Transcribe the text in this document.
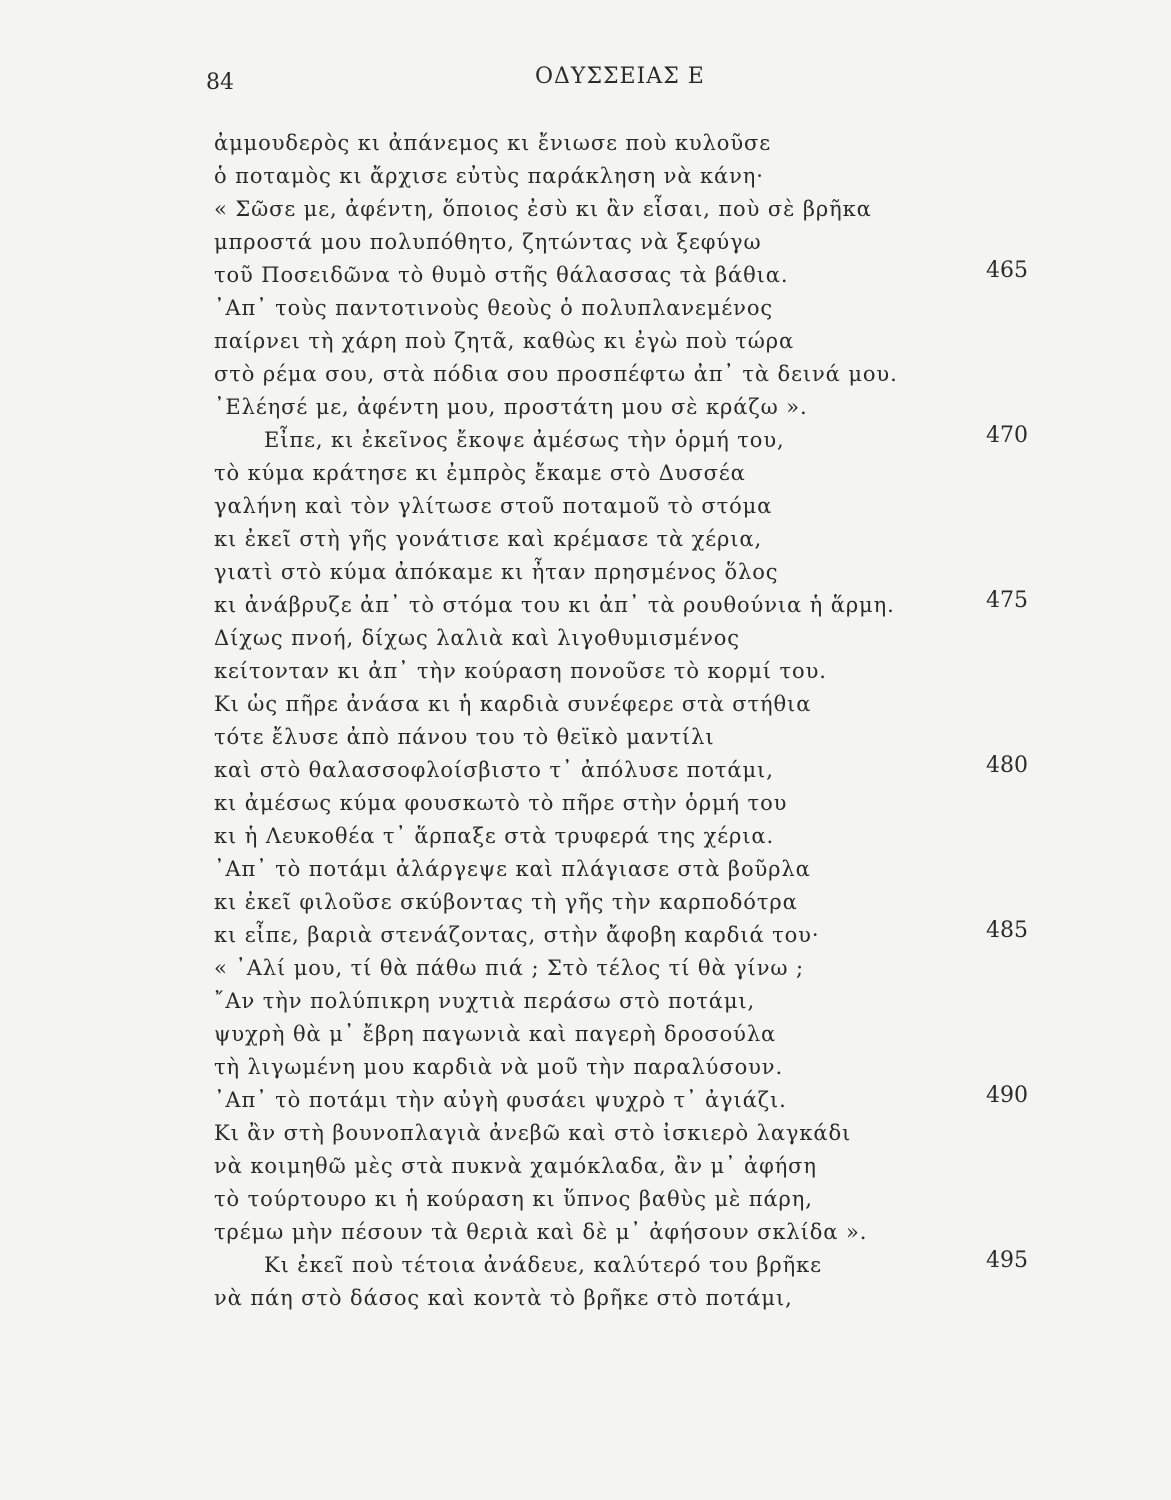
84	ΟΔΥΣΣΕΙΑΣ Ε
ἀμμουδερὸς κι ἀπάνεμος κι ἔνιωσε ποὺ κυλοῦσε
ὁ ποταμὸς κι ἄρχισε εὐτὺς παράκληση νὰ κάνη·
« Σῶσε με, ἀφέντη, ὅποιος ἐσὺ κι ἂν εἶσαι, ποὺ σὲ βρῆκα
μπροστά μου πολυπόθητο, ζητώντας νὰ ξεφύγω
τοῦ Ποσειδῶνα τὸ θυμὸ στῆς θάλασσας τὰ βάθια.
᾿Απ᾿ τοὺς παντοτινοὺς θεοὺς ὁ πολυπλανεμένος
παίρνει τὴ χάρη ποὺ ζητᾶ, καθὼς κι ἐγὼ ποὺ τώρα
στὸ ρέμα σου, στὰ πόδια σου προσπέφτω ἀπ᾿ τὰ δεινά μου.
᾿Ελέησέ με, ἀφέντη μου, προστάτη μου σὲ κράζω ».
Εἶπε, κι ἐκεῖνος ἔκοψε ἀμέσως τὴν ὁρμή του,
τὸ κύμα κράτησε κι ἐμπρὸς ἔκαμε στὸ Δυσσέα
γαλήνη καὶ τὸν γλίτωσε στοῦ ποταμοῦ τὸ στόμα
κι ἐκεῖ στὴ γῆς γονάτισε καὶ κρέμασε τὰ χέρια,
γιατὶ στὸ κύμα ἀπόκαμε κι ἦταν πρησμένος ὅλος
κι ἀνάβρυζε ἀπ᾿ τὸ στόμα του κι ἀπ᾿ τὰ ρουθούνια ἡ ἅρμη.
Δίχως πνοή, δίχως λαλιὰ καὶ λιγοθυμισμένος
κείτονταν κι ἀπ᾿ τὴν κούραση πονοῦσε τὸ κορμί του.
Κι ὡς πῆρε ἀνάσα κι ἡ καρδιὰ συνέφερε στὰ στήθια
τότε ἔλυσε ἀπὸ πάνου του τὸ θεϊκὸ μαντίλι
καὶ στὸ θαλασσοφλοίσβιστο τ᾿ ἀπόλυσε ποτάμι,
κι ἀμέσως κύμα φουσκωτὸ τὸ πῆρε στὴν ὁρμή του
κι ἡ Λευκοθέα τ᾿ ἅρπαξε στὰ τρυφερά της χέρια.
᾿Απ᾿ τὸ ποτάμι ἀλάργεψε καὶ πλάγιασε στὰ βοῦρλα
κι ἐκεῖ φιλοῦσε σκύβοντας τὴ γῆς τὴν καρποδότρα
κι εἶπε, βαριὰ στενάζοντας, στὴν ἄφοβη καρδιά του·
« ᾿Αλί μου, τί θὰ πάθω πιά ; Στὸ τέλος τί θὰ γίνω ;
῎Αν τὴν πολύπικρη νυχτιὰ περάσω στὸ ποτάμι,
ψυχρὴ θὰ μ᾿ ἔβρη παγωνιὰ καὶ παγερὴ δροσούλα
τὴ λιγωμένη μου καρδιὰ νὰ μοῦ τὴν παραλύσουν.
᾿Απ᾿ τὸ ποτάμι τὴν αὐγὴ φυσάει ψυχρὸ τ᾿ ἀγιάζι.
Κι ἂν στὴ βουνοπλαγιὰ ἀνεβῶ καὶ στὸ ἰσκιερὸ λαγκάδι
νὰ κοιμηθῶ μὲς στὰ πυκνὰ χαμόκλαδα, ἂν μ᾿ ἀφήση
τὸ τούρτουρο κι ἡ κούραση κι ὕπνος βαθὺς μὲ πάρη,
τρέμω μὴν πέσουν τὰ θεριὰ καὶ δὲ μ᾿ ἀφήσουν σκλίδα ».
Κι ἐκεῖ ποὺ τέτοια ἀνάδευε, καλύτερό του βρῆκε
νὰ πάη στὸ δάσος καὶ κοντὰ τὸ βρῆκε στὸ ποτάμι,
465
470
475
480
485
490
495
